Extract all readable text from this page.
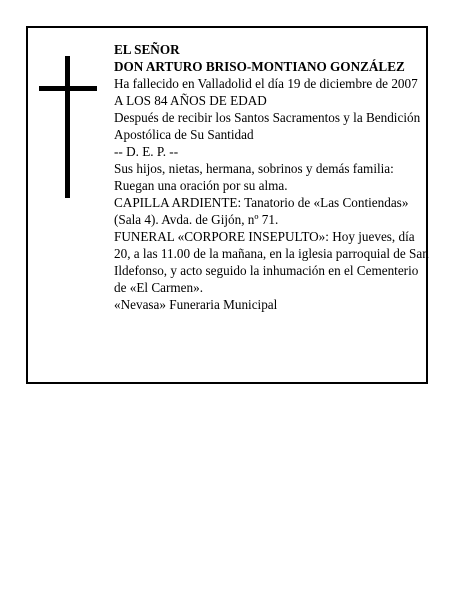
EL SEÑOR

DON ARTURO BRISO-MONTIANO GONZÁLEZ

Ha fallecido en Valladolid el día 19 de diciembre de 2007

A LOS 84 AÑOS DE EDAD

Después de recibir los Santos Sacramentos y la Bendición Apostólica de Su Santidad

-- D. E. P. --

Sus hijos, nietas, hermana, sobrinos y demás familia: Ruegan una oración por su alma.

CAPILLA ARDIENTE: Tanatorio de «Las Contiendas» (Sala 4). Avda. de Gijón, nº 71.

FUNERAL «CORPORE INSEPULTO»: Hoy jueves, día 20, a las 11.00 de la mañana, en la iglesia parroquial de San Ildefonso, y acto seguido la inhumación en el Cementerio de «El Carmen».

«Nevasa» Funeraria Municipal
